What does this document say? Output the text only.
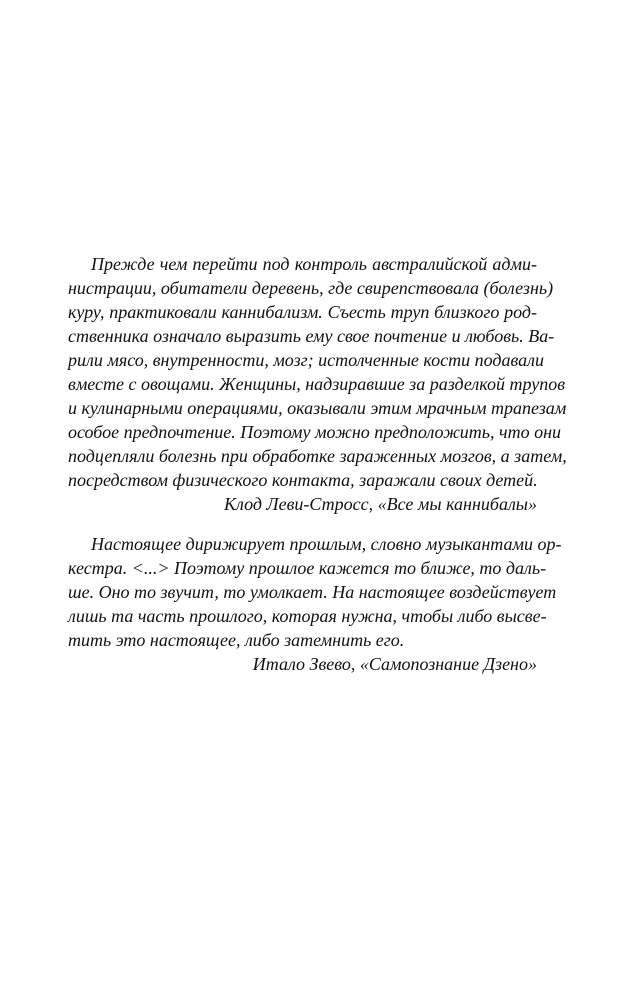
Прежде чем перейти под контроль австралийской адми-
нистрации, обитатели деревень, где свирепствовала (болезнь)
куру, практиковали каннибализм. Съесть труп близкого род-
ственника означало выразить ему свое почтение и любовь. Ва-
рили мясо, внутренности, мозг; истолченные кости подавали
вместе с овощами. Женщины, надзиравшие за разделкой трупов
и кулинарными операциями, оказывали этим мрачным трапезам
особое предпочтение. Поэтому можно предположить, что они
подцепляли болезнь при обработке зараженных мозгов, а затем,
посредством физического контакта, заражали своих детей.
Клод Леви-Стросс, «Все мы каннибалы»
Настоящее дирижирует прошлым, словно музыкантами ор-
кестра. <...> Поэтому прошлое кажется то ближе, то даль-
ше. Оно то звучит, то умолкает. На настоящее воздействует
лишь та часть прошлого, которая нужна, чтобы либо высве-
тить это настоящее, либо затемнить его.
Итало Звево, «Самопознание Дзено»
